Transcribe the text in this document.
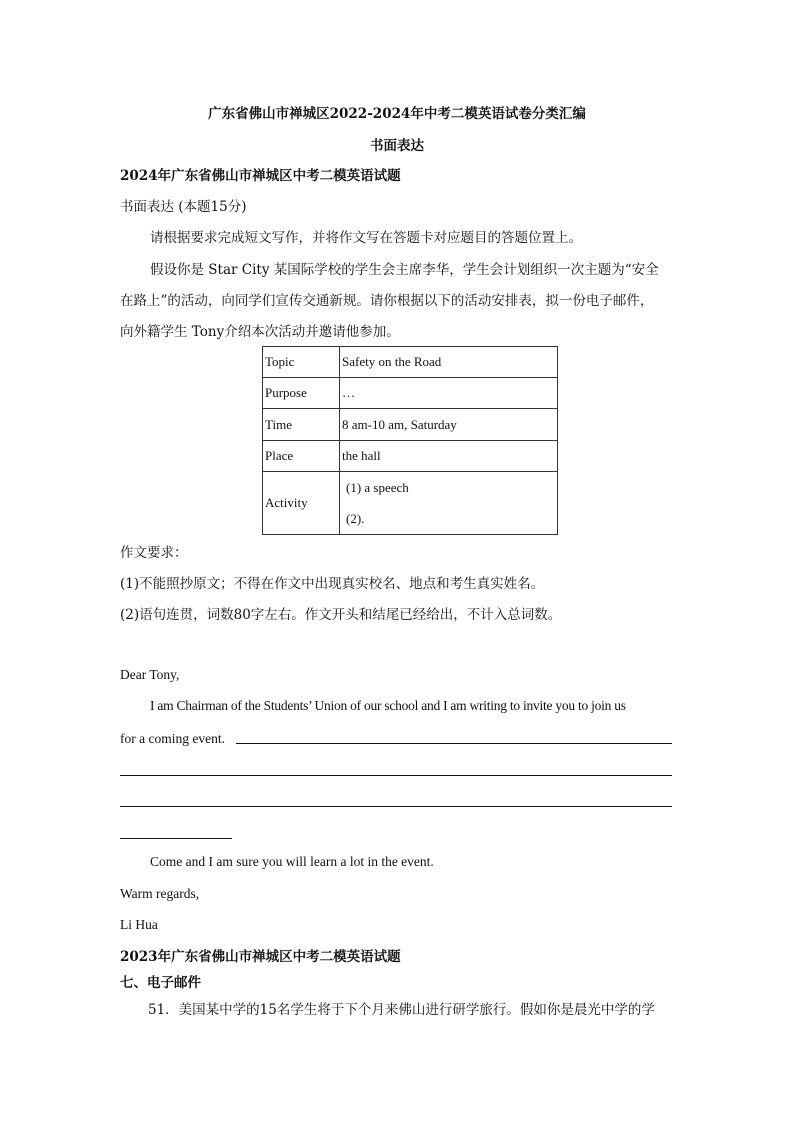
广东省佛山市禅城区2022-2024年中考二模英语试卷分类汇编
书面表达
2024年广东省佛山市禅城区中考二模英语试题
书面表达 (本题15分)
请根据要求完成短文写作，并将作文写在答题卡对应题目的答题位置上。
假设你是 Star City 某国际学校的学生会主席李华，学生会计划组织一次主题为“安全
在路上”的活动，向同学们宣传交通新规。请你根据以下的活动安排表，拟一份电子邮件，
向外籍学生 Tony介绍本次活动并邀请他参加。
Topic	Safety on the Road
Purpose	…
Time	8 am-10 am, Saturday
Place	the hall
Activity	(1) a speech
(2).
作文要求：
(1)不能照抄原文；不得在作文中出现真实校名、地点和考生真实姓名。
(2)语句连贯，词数80字左右。作文开头和结尾已经给出，不计入总词数。
Dear Tony,
I am Chairman of the Students’ Union of our school and I am writing to invite you to join us
for a coming event.
Come and I am sure you will learn a lot in the event.
Warm regards,
Li Hua
2023年广东省佛山市禅城区中考二模英语试题
七、电子邮件
51．美国某中学的15名学生将于下个月来佛山进行研学旅行。假如你是晨光中学的学
